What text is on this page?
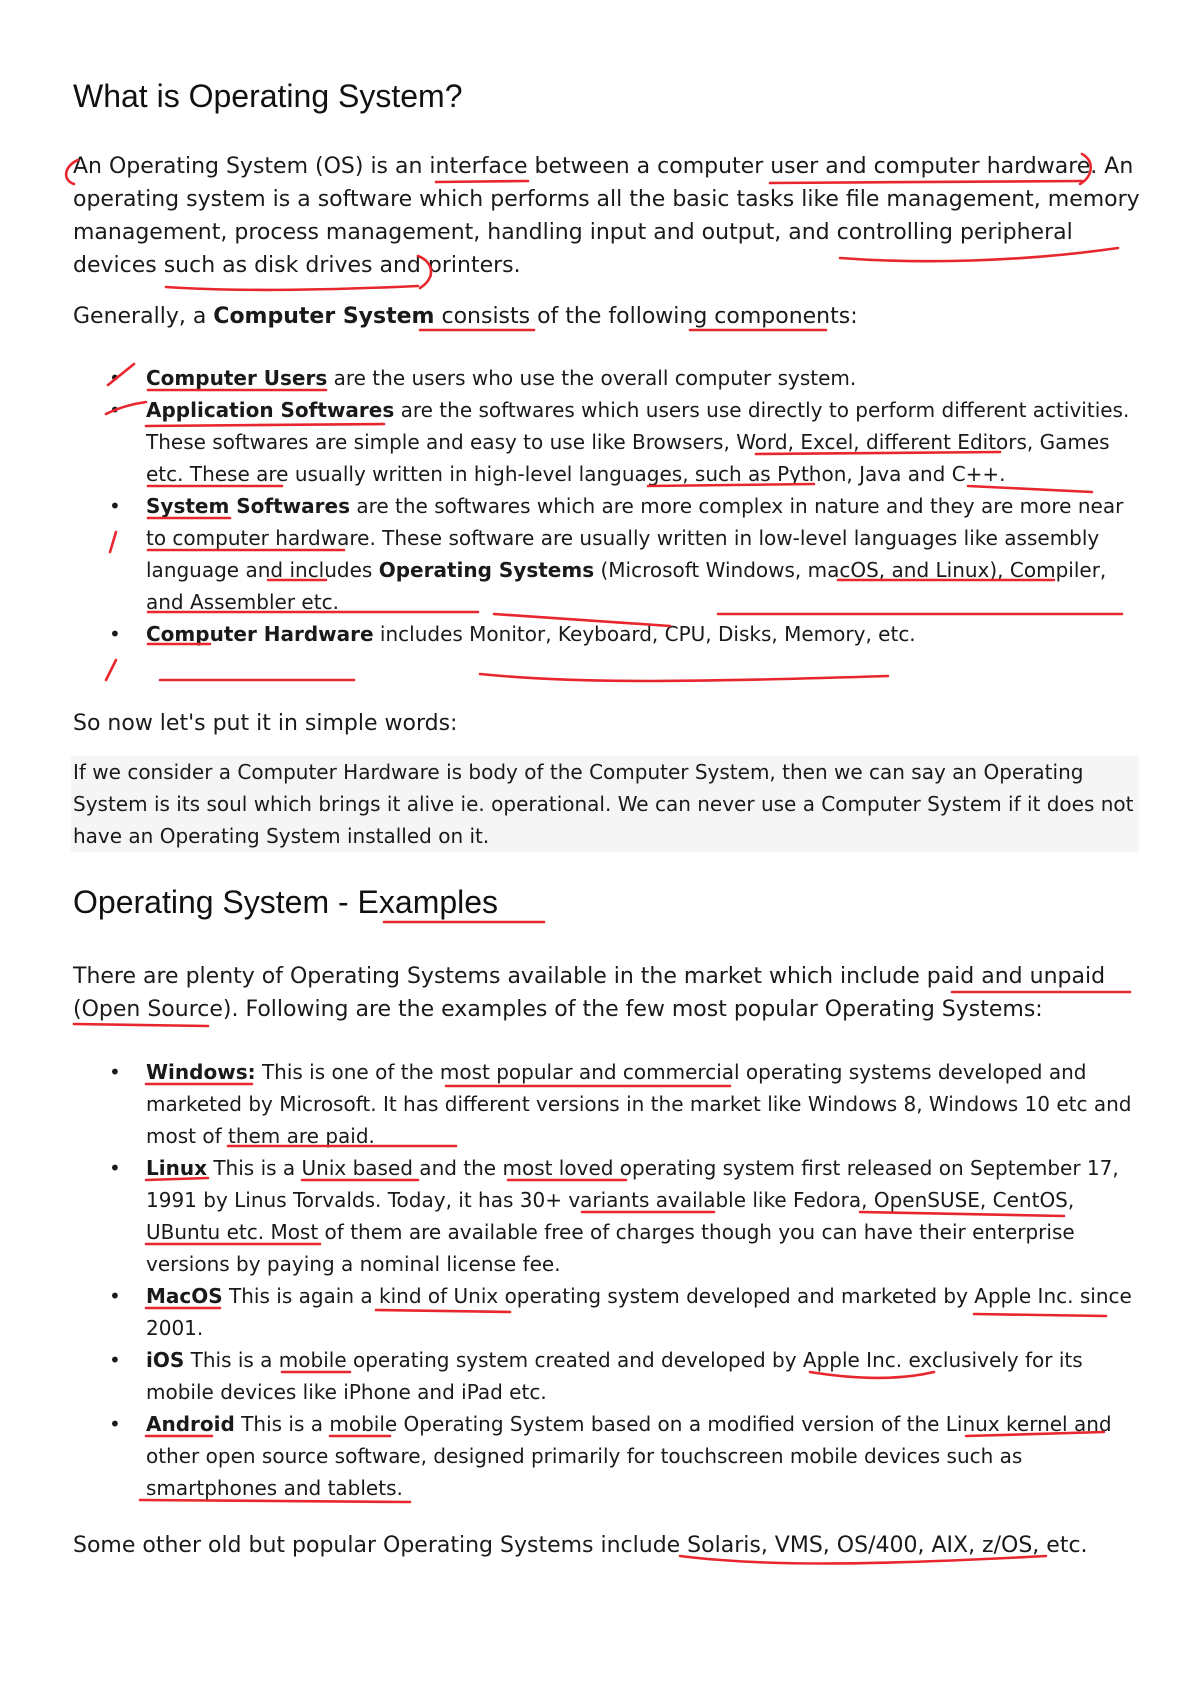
What is Operating System?

An Operating System (OS) is an interface between a computer user and computer hardware. An operating system is a software which performs all the basic tasks like file management, memory management, process management, handling input and output, and controlling peripheral devices such as disk drives and printers.

Generally, a Computer System consists of the following components:

• Computer Users are the users who use the overall computer system.
• Application Softwares are the softwares which users use directly to perform different activities. These softwares are simple and easy to use like Browsers, Word, Excel, different Editors, Games etc. These are usually written in high-level languages, such as Python, Java and C++.
• System Softwares are the softwares which are more complex in nature and they are more near to computer hardware. These software are usually written in low-level languages like assembly language and includes Operating Systems (Microsoft Windows, macOS, and Linux), Compiler, and Assembler etc.
• Computer Hardware includes Monitor, Keyboard, CPU, Disks, Memory, etc.

So now let's put it in simple words:

If we consider a Computer Hardware is body of the Computer System, then we can say an Operating System is its soul which brings it alive ie. operational. We can never use a Computer System if it does not have an Operating System installed on it.
Operating System - Examples

There are plenty of Operating Systems available in the market which include paid and unpaid (Open Source). Following are the examples of the few most popular Operating Systems:

• Windows: This is one of the most popular and commercial operating systems developed and marketed by Microsoft. It has different versions in the market like Windows 8, Windows 10 etc and most of them are paid.
• Linux This is a Unix based and the most loved operating system first released on September 17, 1991 by Linus Torvalds. Today, it has 30+ variants available like Fedora, OpenSUSE, CentOS, UBuntu etc. Most of them are available free of charges though you can have their enterprise versions by paying a nominal license fee.
• MacOS This is again a kind of Unix operating system developed and marketed by Apple Inc. since 2001.
• iOS This is a mobile operating system created and developed by Apple Inc. exclusively for its mobile devices like iPhone and iPad etc.
• Android This is a mobile Operating System based on a modified version of the Linux kernel and other open source software, designed primarily for touchscreen mobile devices such as smartphones and tablets.

Some other old but popular Operating Systems include Solaris, VMS, OS/400, AIX, z/OS, etc.
